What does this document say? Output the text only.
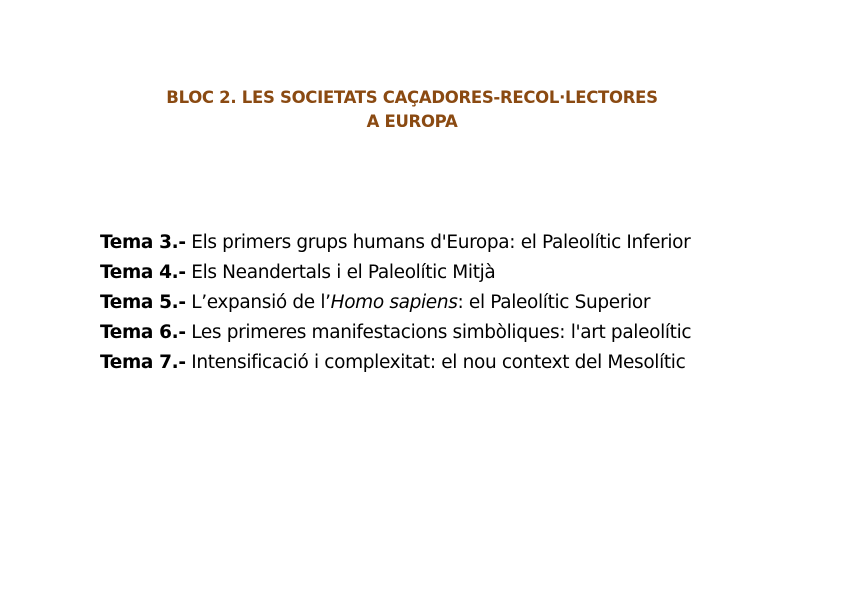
BLOC 2. LES SOCIETATS CAÇADORES-RECOL·LECTORES
A EUROPA
Tema 3.- Els primers grups humans d'Europa: el Paleolític Inferior
Tema 4.- Els Neandertals i el Paleolític Mitjà
Tema 5.- L’expansió de l’Homo sapiens: el Paleolític Superior
Tema 6.- Les primeres manifestacions simbòliques: l'art paleolític
Tema 7.- Intensificació i complexitat: el nou context del Mesolític
